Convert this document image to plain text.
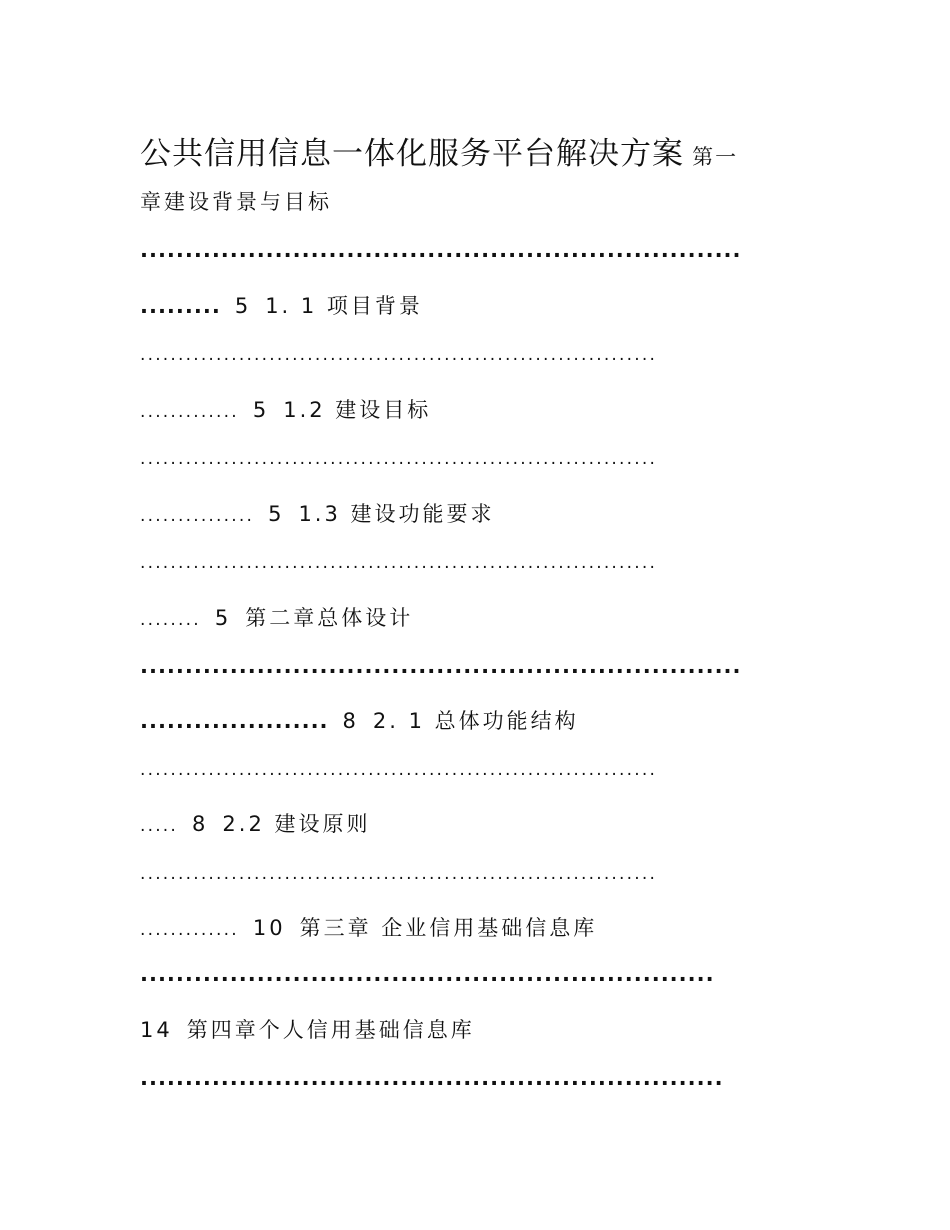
公共信用信息一体化服务平台解决方案 第一
章建设背景与目标
...................................................................
......... 5 1. 1 项目背景
....................................................................
............. 5 1.2 建设目标
....................................................................
............... 5 1.3 建设功能要求
....................................................................
........ 5 第二章总体设计
...................................................................
..................... 8 2. 1 总体功能结构
....................................................................
..... 8 2.2 建设原则
....................................................................
............. 10 第三章 企业信用基础信息库
................................................................
14 第四章个人信用基础信息库
.................................................................
